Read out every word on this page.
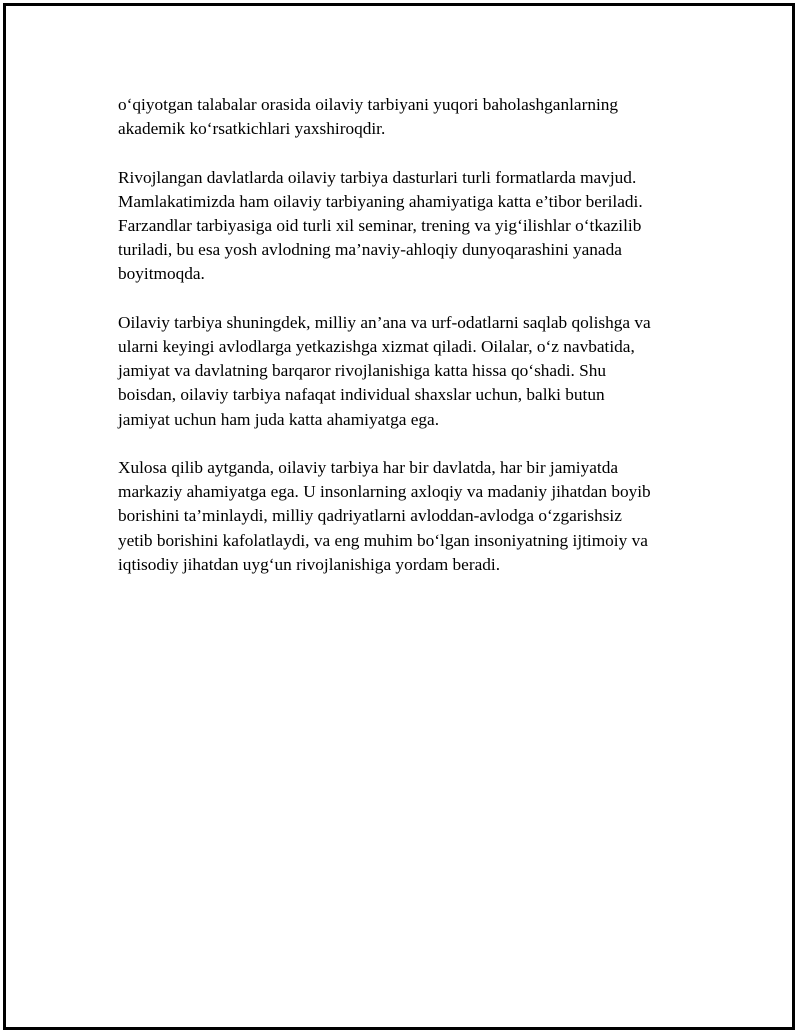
o‘qiyotgan talabalar orasida oilaviy tarbiyani yuqori baholashganlarning
akademik ko‘rsatkichlari yaxshiroqdir.

Rivojlangan davlatlarda oilaviy tarbiya dasturlari turli formatlarda mavjud.
Mamlakatimizda ham oilaviy tarbiyaning ahamiyatiga katta e’tibor beriladi.
Farzandlar tarbiyasiga oid turli xil seminar, trening va yig‘ilishlar o‘tkazilib
turiladi, bu esa yosh avlodning ma’naviy-ahloqiy dunyoqarashini yanada
boyitmoqda.

Oilaviy tarbiya shuningdek, milliy an’ana va urf-odatlarni saqlab qolishga va
ularni keyingi avlodlarga yetkazishga xizmat qiladi. Oilalar, o‘z navbatida,
jamiyat va davlatning barqaror rivojlanishiga katta hissa qo‘shadi. Shu
boisdan, oilaviy tarbiya nafaqat individual shaxslar uchun, balki butun
jamiyat uchun ham juda katta ahamiyatga ega.

Xulosa qilib aytganda, oilaviy tarbiya har bir davlatda, har bir jamiyatda
markaziy ahamiyatga ega. U insonlarning axloqiy va madaniy jihatdan boyib
borishini ta’minlaydi, milliy qadriyatlarni avloddan-avlodga o‘zgarishsiz
yetib borishini kafolatlaydi, va eng muhim bo‘lgan insoniyatning ijtimoiy va
iqtisodiy jihatdan uyg‘un rivojlanishiga yordam beradi.
